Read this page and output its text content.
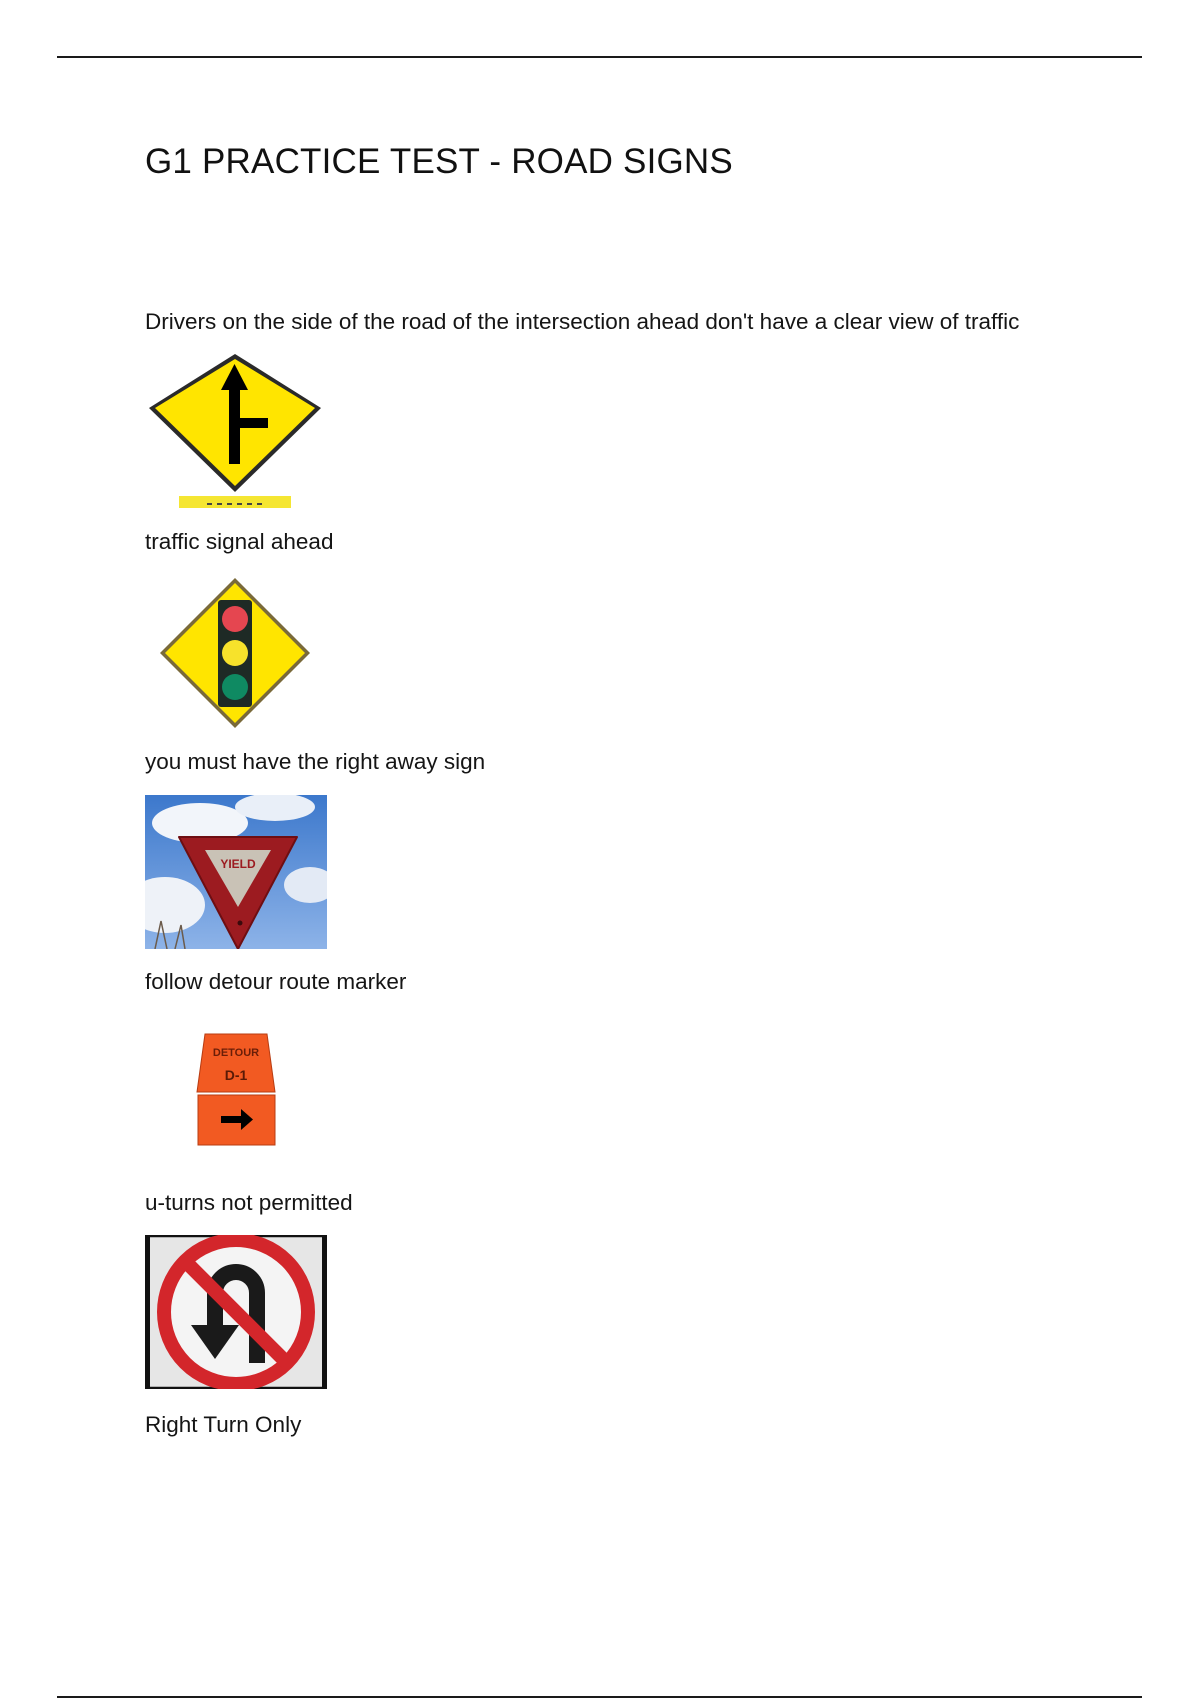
G1 PRACTICE TEST - ROAD SIGNS
Drivers on the side of the road of the intersection ahead don't have a clear view of traffic
traffic signal ahead
you must have the right away sign
YIELD
follow detour route marker
DETOUR
D-1
u-turns not permitted
Right Turn Only
